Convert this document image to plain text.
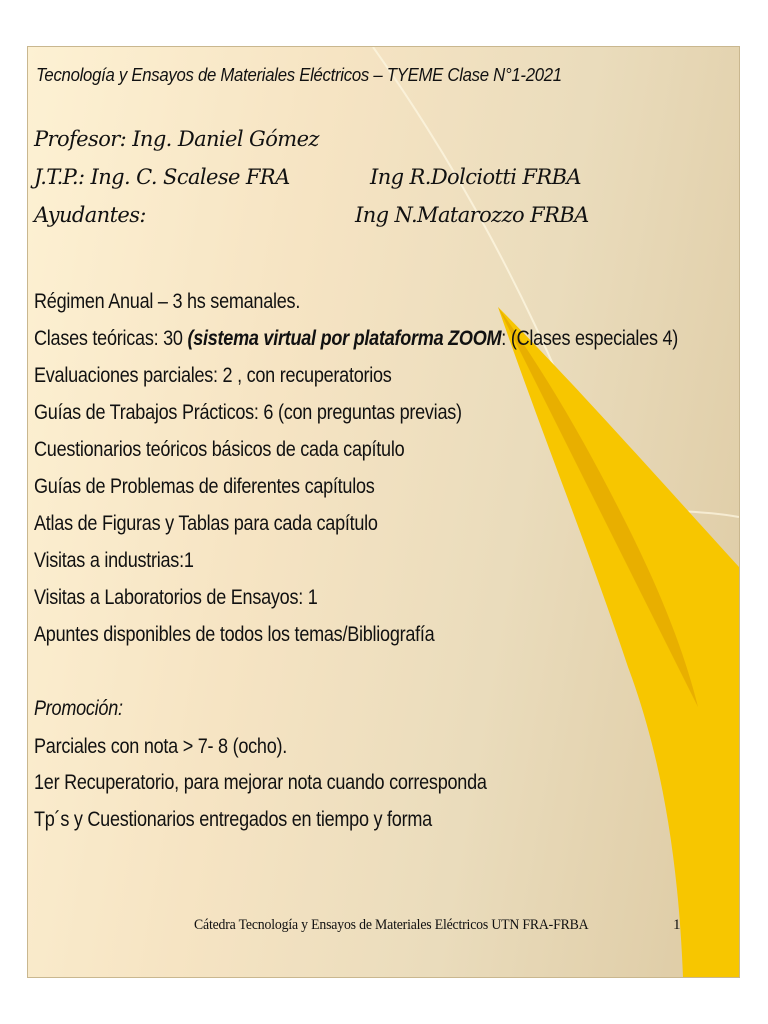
Tecnología y Ensayos de Materiales Eléctricos – TYEME Clase N°1-2021
Profesor: Ing. Daniel Gómez
J.T.P.: Ing. C. Scalese FRA	Ing R.Dolciotti FRBA
Ayudantes:	Ing N.Matarozzo FRBA
Régimen Anual – 3 hs semanales.
Clases teóricas: 30 (sistema virtual por plataforma ZOOM: (Clases especiales 4)
Evaluaciones parciales: 2 , con recuperatorios
Guías de Trabajos Prácticos: 6 (con preguntas previas)
Cuestionarios teóricos básicos de cada capítulo
Guías de Problemas de diferentes capítulos
Atlas de Figuras y Tablas para cada capítulo
Visitas a industrias:1
Visitas a Laboratorios de Ensayos: 1
Apuntes disponibles de todos los temas/Bibliografía
Promoción:
Parciales con nota > 7- 8 (ocho).
1er Recuperatorio, para mejorar nota cuando corresponda
Tp´s y Cuestionarios entregados en tiempo y forma
Cátedra Tecnología y Ensayos de Materiales Eléctricos UTN FRA-FRBA	1
